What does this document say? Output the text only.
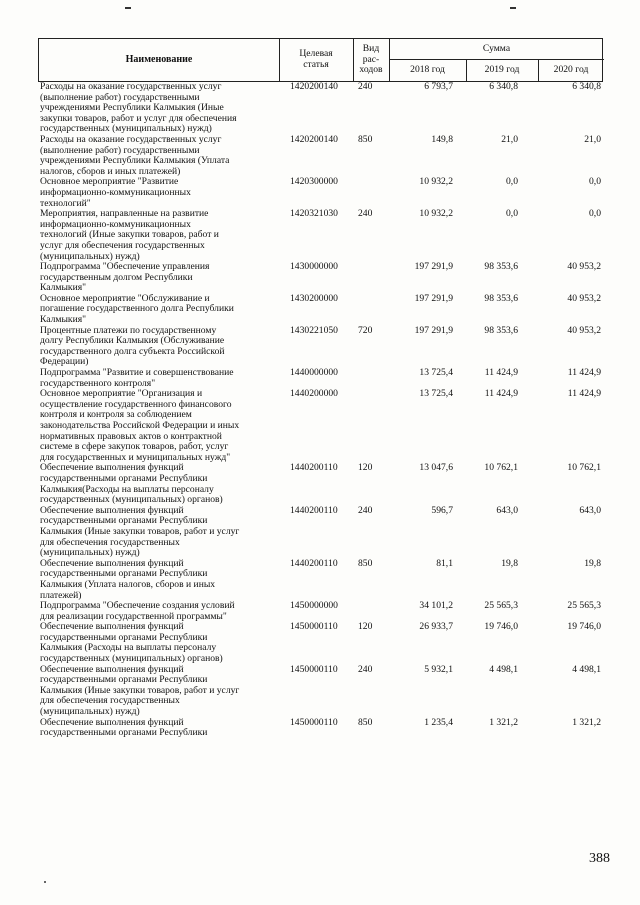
Наименование	Целевая
статья
Вид
рас-
ходов
Сумма
2018 год	2019 год	2020 год
Расходы на оказание государственных услуг
(выполнение работ) государственными
учреждениями Республики Калмыкия (Иные
закупки товаров, работ и услуг для обеспечения
государственных (муниципальных) нужд)
1420200140 240	6 793,7	6 340,8	6 340,8
Расходы на оказание государственных услуг
(выполнение работ) государственными
учреждениями Республики Калмыкия (Уплата
налогов, сборов и иных платежей)
1420200140 850	149,8	21,0	21,0
Основное мероприятие "Развитие
информационно-коммуникационных
технологий"
1420300000	10 932,2	0,0	0,0
Мероприятия, направленные на развитие
информационно-коммуникационных
технологий (Иные закупки товаров, работ и
услуг для обеспечения государственных
(муниципальных) нужд)
1420321030 240	10 932,2	0,0	0,0
Подпрограмма "Обеспечение управления
государственным долгом Республики
Калмыкия"
1430000000	197 291,9	98 353,6	40 953,2
Основное мероприятие "Обслуживание и
погашение государственного долга Республики
Калмыкия"
1430200000	197 291,9	98 353,6	40 953,2
Процентные платежи по государственному
долгу Республики Калмыкия (Обслуживание
государственного долга субъекта Российской
Федерации)
1430221050 720	197 291,9	98 353,6	40 953,2
Подпрограмма "Развитие и совершенствование
государственного контроля"
1440000000	13 725,4	11 424,9	11 424,9
Основное мероприятие "Организация и
осуществление государственного финансового
контроля и контроля за соблюдением
законодательства Российской Федерации и иных
нормативных правовых актов о контрактной
системе в сфере закупок товаров, работ, услуг
для государственных и муниципальных нужд"
1440200000	13 725,4	11 424,9	11 424,9
Обеспечение выполнения функций
государственными органами Республики
Калмыкия(Расходы на выплаты персоналу
государственных (муниципальных) органов)
1440200110 120	13 047,6	10 762,1	10 762,1
Обеспечение выполнения функций
государственными органами Республики
Калмыкия (Иные закупки товаров, работ и услуг
для обеспечения государственных
(муниципальных) нужд)
1440200110 240	596,7	643,0	643,0
Обеспечение выполнения функций
государственными органами Республики
Калмыкия (Уплата налогов, сборов и иных
платежей)
1440200110 850	81,1	19,8	19,8
Подпрограмма "Обеспечение создания условий
для реализации государственной программы"
1450000000	34 101,2	25 565,3	25 565,3
Обеспечение выполнения функций
государственными органами Республики
Калмыкия (Расходы на выплаты персоналу
государственных (муниципальных) органов)
1450000110 120	26 933,7	19 746,0	19 746,0
Обеспечение выполнения функций
государственными органами Республики
Калмыкия (Иные закупки товаров, работ и услуг
для обеспечения государственных
(муниципальных) нужд)
1450000110 240	5 932,1	4 498,1	4 498,1
Обеспечение выполнения функций
государственными органами Республики
1450000110 850	1 235,4	1 321,2	1 321,2
388
